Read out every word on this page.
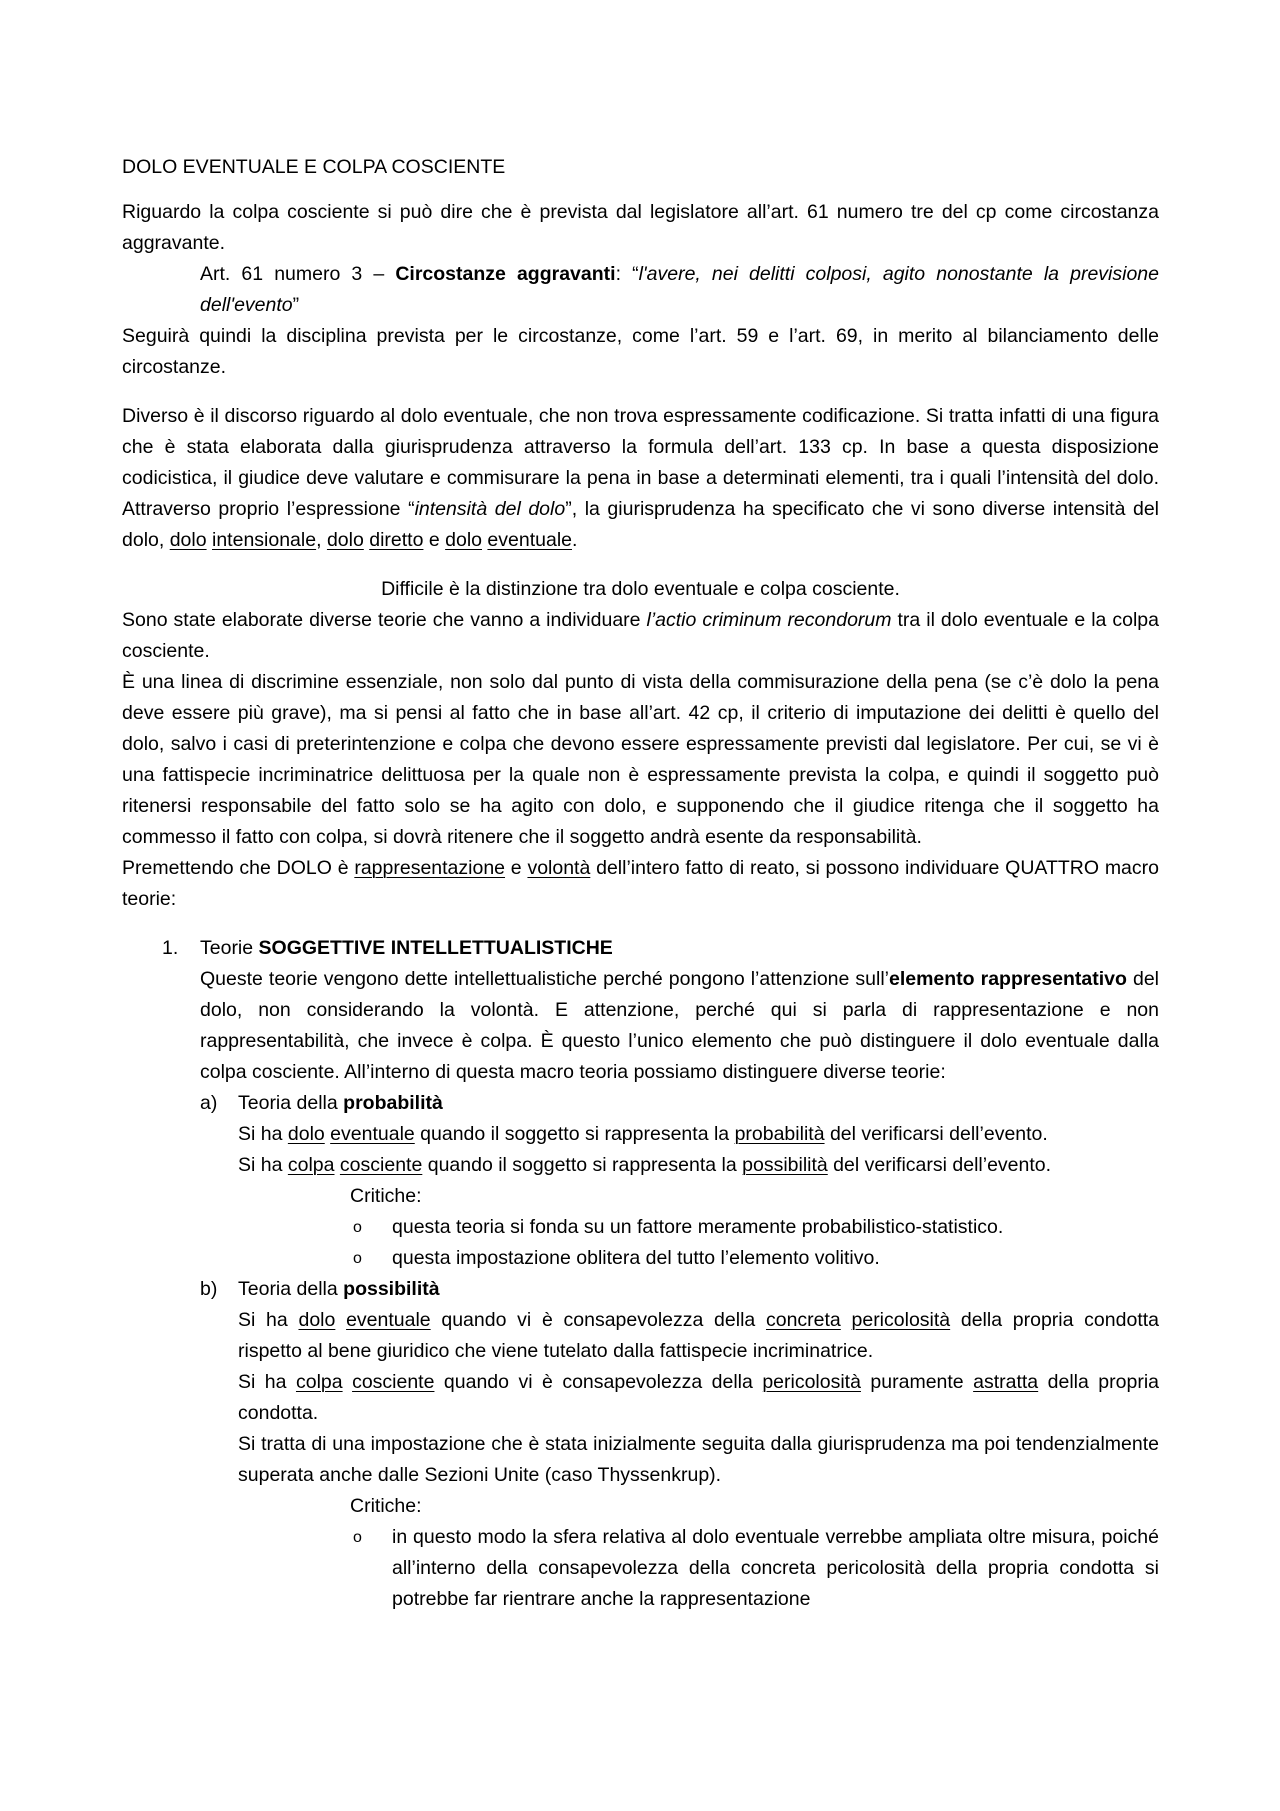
DOLO EVENTUALE E COLPA COSCIENTE

Riguardo la colpa cosciente si può dire che è prevista dal legislatore all’art. 61 numero tre del cp come circostanza aggravante.

Art. 61 numero 3 – Circostanze aggravanti: “l'avere, nei delitti colposi, agito nonostante la previsione dell'evento”

Seguirà quindi la disciplina prevista per le circostanze, come l’art. 59 e l’art. 69, in merito al bilanciamento delle circostanze.

Diverso è il discorso riguardo al dolo eventuale, che non trova espressamente codificazione. Si tratta infatti di una figura che è stata elaborata dalla giurisprudenza attraverso la formula dell’art. 133 cp. In base a questa disposizione codicistica, il giudice deve valutare e commisurare la pena in base a determinati elementi, tra i quali l’intensità del dolo. Attraverso proprio l’espressione “intensità del dolo”, la giurisprudenza ha specificato che vi sono diverse intensità del dolo, dolo intensionale, dolo diretto e dolo eventuale.

Difficile è la distinzione tra dolo eventuale e colpa cosciente.

Sono state elaborate diverse teorie che vanno a individuare l’actio criminum recondorum tra il dolo eventuale e la colpa cosciente.

È una linea di discrimine essenziale, non solo dal punto di vista della commisurazione della pena (se c’è dolo la pena deve essere più grave), ma si pensi al fatto che in base all’art. 42 cp, il criterio di imputazione dei delitti è quello del dolo, salvo i casi di preterintenzione e colpa che devono essere espressamente previsti dal legislatore. Per cui, se vi è una fattispecie incriminatrice delittuosa per la quale non è espressamente prevista la colpa, e quindi il soggetto può ritenersi responsabile del fatto solo se ha agito con dolo, e supponendo che il giudice ritenga che il soggetto ha commesso il fatto con colpa, si dovrà ritenere che il soggetto andrà esente da responsabilità.

Premettendo che DOLO è rappresentazione e volontà dell’intero fatto di reato, si possono individuare QUATTRO macro teorie:

1.	Teorie SOGGETTIVE INTELLETTUALISTICHE

Queste teorie vengono dette intellettualistiche perché pongono l’attenzione sull’elemento rappresentativo del dolo, non considerando la volontà. E attenzione, perché qui si parla di rappresentazione e non rappresentabilità, che invece è colpa. È questo l’unico elemento che può distinguere il dolo eventuale dalla colpa cosciente. All’interno di questa macro teoria possiamo distinguere diverse teorie:

a)	Teoria della probabilità

Si ha dolo eventuale quando il soggetto si rappresenta la probabilità del verificarsi dell’evento.

Si ha colpa cosciente quando il soggetto si rappresenta la possibilità del verificarsi dell’evento.

Critiche:

o	questa teoria si fonda su un fattore meramente probabilistico-statistico.
o	questa impostazione oblitera del tutto l’elemento volitivo.
b)	Teoria della possibilità

Si ha dolo eventuale quando vi è consapevolezza della concreta pericolosità della propria condotta rispetto al bene giuridico che viene tutelato dalla fattispecie incriminatrice.

Si ha colpa cosciente quando vi è consapevolezza della pericolosità puramente astratta della propria condotta.

Si tratta di una impostazione che è stata inizialmente seguita dalla giurisprudenza ma poi tendenzialmente superata anche dalle Sezioni Unite (caso Thyssenkrup).

Critiche:

o	in questo modo la sfera relativa al dolo eventuale verrebbe ampliata oltre misura, poiché all’interno della consapevolezza della concreta pericolosità della propria condotta si potrebbe far rientrare anche la rappresentazione
